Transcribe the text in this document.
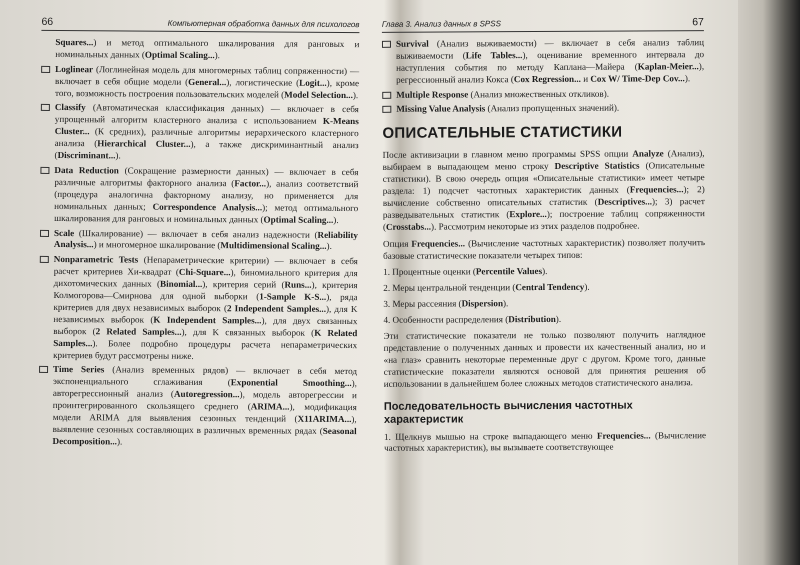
66	Компьютерная обработка данных для психологов
Squares...) и метод оптимального шкалирования для ранговых и номинальных данных (Optimal Scaling...).
Loglinear (Логлинейная модель для многомерных таблиц сопряженности) — включает в себя общие модели (General...), логистические (Logit...), кроме того, возможность построения пользовательских моделей (Model Selection...).
Classify (Автоматическая классификация данных) — включает в себя упрощенный алгоритм кластерного анализа с использованием K-Means Cluster... (К средних), различные алгоритмы иерархического кластерного анализа (Hierarchical Cluster...), а также дискриминантный анализ (Discriminant...).
Data Reduction (Сокращение размерности данных) — включает в себя различные алгоритмы факторного анализа (Factor...), анализ соответствий (процедура аналогична факторному анализу, но применяется для номинальных данных; Correspondence Analysis...); метод оптимального шкалирования для ранговых и номинальных данных (Optimal Scaling...).
Scale (Шкалирование) — включает в себя анализ надежности (Reliability Analysis...) и многомерное шкалирование (Multidimensional Scaling...).
Nonparametric Tests (Непараметрические критерии) — включает в себя расчет критериев Хи-квадрат (Chi-Square...), биномиального критерия для дихотомических данных (Binomial...), критерия серий (Runs...), критерия Колмогорова—Смирнова для одной выборки (1-Sample K-S...), ряда критериев для двух независимых выборок (2 Independent Samples...), для K независимых выборок (K Independent Samples...), для двух связанных выборок (2 Related Samples...), для K связанных выборок (K Related Samples...). Более подробно процедуры расчета непараметрических критериев будут рассмотрены ниже.
Time Series (Анализ временных рядов) — включает в себя метод экспоненциального сглаживания (Exponential Smoothing...), авторегрессионный анализ (Autoregression...), модель авторегрессии и проинтегрированного скользящего среднего (ARIMA...), модификация модели ARIMA для выявления сезонных тенденций (X11ARIMA...), выявление сезонных составляющих в различных временных рядах (Seasonal Decomposition...).
Глава 3. Анализ данных в SPSS	67
Survival (Анализ выживаемости) — включает в себя анализ таблиц выживаемости (Life Tables...), оценивание временного интервала до наступления события по методу Каплана—Майера (Kaplan-Meier...), регрессионный анализ Кокса (Cox Regression... и Cox W/ Time-Dep Cov...).
Multiple Response (Анализ множественных откликов).
Missing Value Analysis (Анализ пропущенных значений).
ОПИСАТЕЛЬНЫЕ СТАТИСТИКИ

После активизации в главном меню программы SPSS опции Analyze (Анализ), выбираем в выпадающем меню строку Descriptive Statistics (Описательные статистики). В свою очередь опция «Описательные статистики» имеет четыре раздела: 1) подсчет частотных характеристик данных (Frequencies...); 2) вычисление собственно описательных статистик (Descriptives...); 3) расчет разведывательных статистик (Explore...); построение таблиц сопряженности (Crosstabs...). Рассмотрим некоторые из этих разделов подробнее.

Опция Frequencies... (Вычисление частотных характеристик) позволяет получить базовые статистические показатели четырех типов:

1. Процентные оценки (Percentile Values).
2. Меры центральной тенденции (Central Tendency).
3. Меры рассеяния (Dispersion).
4. Особенности распределения (Distribution).

Эти статистические показатели не только позволяют получить наглядное представление о полученных данных и провести их качественный анализ, но и «на глаз» сравнить некоторые переменные друг с другом. Кроме того, данные статистические показатели являются основой для принятия решения об использовании в дальнейшем более сложных методов статистического анализа.

Последовательность вычисления частотных характеристик

1. Щелкнув мышью на строке выпадающего меню Frequencies... (Вычисление частотных характеристик), вы вызываете соответствующее
